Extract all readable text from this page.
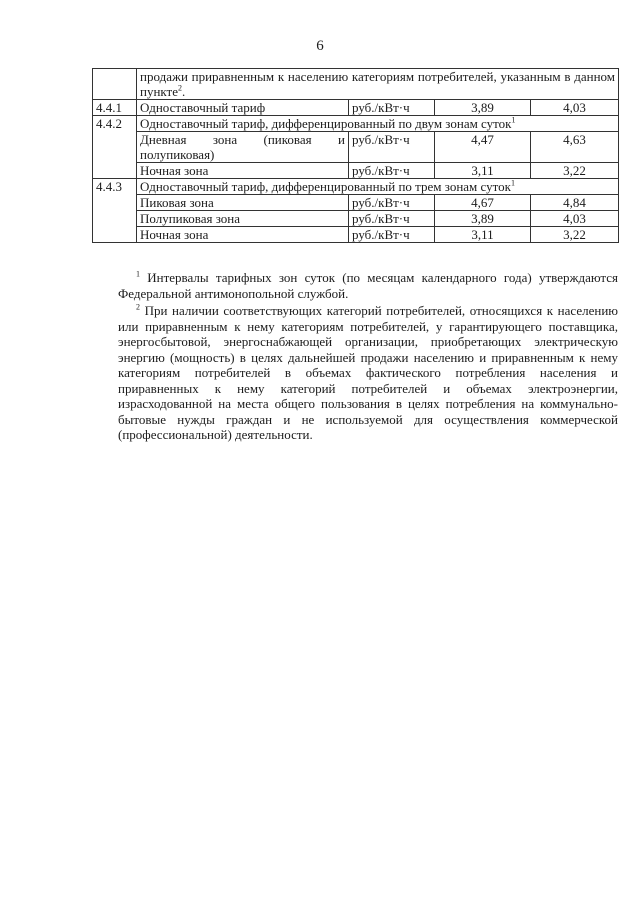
6
	продажи приравненным к населению категориям потребителей, указанным в данном пункте$^2$.			
4.4.1	Одноставочный тариф	руб./кВт·ч	3,89	4,03
4.4.2	Одноставочный тариф, дифференцированный по двум зонам суток$^1$
	Дневная зона (пиковая и полупиковая)	руб./кВт·ч	4,47	4,63
	Ночная зона	руб./кВт·ч	3,11	3,22
4.4.3	Одноставочный тариф, дифференцированный по трем зонам суток$^1$
	Пиковая зона	руб./кВт·ч	4,67	4,84
	Полупиковая зона	руб./кВт·ч	3,89	4,03
	Ночная зона	руб./кВт·ч	3,11	3,22

$^1$ Интервалы тарифных зон суток (по месяцам календарного года) утверждаются Федеральной антимонопольной службой.

$^2$ При наличии соответствующих категорий потребителей, относящихся к населению или приравненным к нему категориям потребителей, у гарантирующего поставщика, энергосбытовой, энергоснабжающей организации, приобретающих электрическую энергию (мощность) в целях дальнейшей продажи населению и приравненным к нему категориям потребителей в объемах фактического потребления населения и приравненных к нему категорий потребителей и объемах электроэнергии, израсходованной на места общего пользования в целях потребления на коммунально-бытовые нужды граждан и не используемой для осуществления коммерческой (профессиональной) деятельности.
